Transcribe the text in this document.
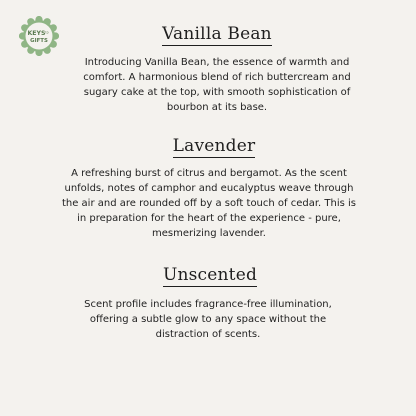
KEYS to
GIFTS	Vanilla Bean

Introducing Vanilla Bean, the essence of warmth and comfort. A harmonious blend of rich buttercream and sugary cake at the top, with smooth sophistication of bourbon at its base.

Lavender

A refreshing burst of citrus and bergamot. As the scent unfolds, notes of camphor and eucalyptus weave through the air and are rounded off by a soft touch of cedar. This is in preparation for the heart of the experience - pure, mesmerizing lavender.

Unscented

Scent profile includes fragrance-free illumination, offering a subtle glow to any space without the distraction of scents.
